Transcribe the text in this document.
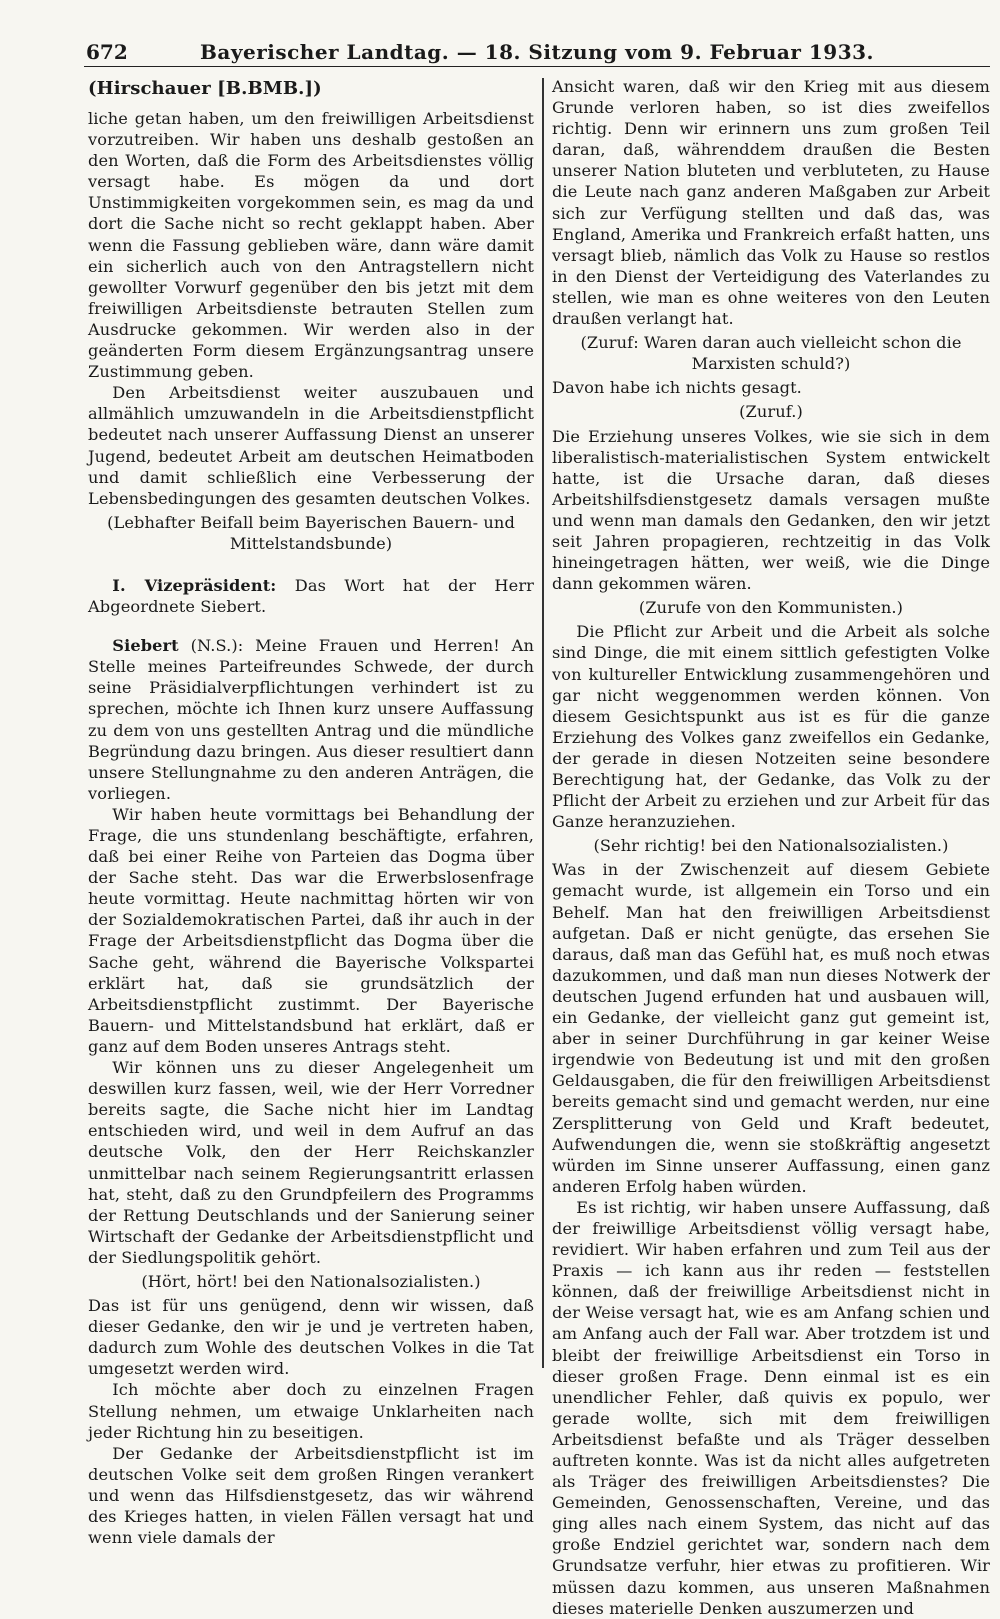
672	Bayerischer Landtag. — 18. Sitzung vom 9. Februar 1933.

(Hirschauer [B.BMB.])

liche getan haben, um den freiwilligen Arbeitsdienst vorzutreiben. Wir haben uns deshalb gestoßen an den Worten, daß die Form des Arbeitsdienstes völlig versagt habe. Es mögen da und dort Unstimmigkeiten vorgekommen sein, es mag da und dort die Sache nicht so recht geklappt haben. Aber wenn die Fassung geblieben wäre, dann wäre damit ein sicherlich auch von den Antragstellern nicht gewollter Vorwurf gegenüber den bis jetzt mit dem freiwilligen Arbeitsdienste betrauten Stellen zum Ausdrucke gekommen. Wir werden also in der geänderten Form diesem Ergänzungsantrag unsere Zustimmung geben.

Den Arbeitsdienst weiter auszubauen und allmählich umzuwandeln in die Arbeitsdienstpflicht bedeutet nach unserer Auffassung Dienst an unserer Jugend, bedeutet Arbeit am deutschen Heimatboden und damit schließlich eine Verbesserung der Lebensbedingungen des gesamten deutschen Volkes.

(Lebhafter Beifall beim Bayerischen Bauern- und Mittelstandsbunde)

I. Vizepräsident: Das Wort hat der Herr Abgeordnete Siebert.

Siebert (N.S.): Meine Frauen und Herren! An Stelle meines Parteifreundes Schwede, der durch seine Präsidialverpflichtungen verhindert ist zu sprechen, möchte ich Ihnen kurz unsere Auffassung zu dem von uns gestellten Antrag und die mündliche Begründung dazu bringen. Aus dieser resultiert dann unsere Stellungnahme zu den anderen Anträgen, die vorliegen.

Wir haben heute vormittags bei Behandlung der Frage, die uns stundenlang beschäftigte, erfahren, daß bei einer Reihe von Parteien das Dogma über der Sache steht. Das war die Erwerbslosenfrage heute vormittag. Heute nachmittag hörten wir von der Sozialdemokratischen Partei, daß ihr auch in der Frage der Arbeitsdienstpflicht das Dogma über die Sache geht, während die Bayerische Volkspartei erklärt hat, daß sie grundsätzlich der Arbeitsdienstpflicht zustimmt. Der Bayerische Bauern- und Mittelstandsbund hat erklärt, daß er ganz auf dem Boden unseres Antrags steht.

Wir können uns zu dieser Angelegenheit um deswillen kurz fassen, weil, wie der Herr Vorredner bereits sagte, die Sache nicht hier im Landtag entschieden wird, und weil in dem Aufruf an das deutsche Volk, den der Herr Reichskanzler unmittelbar nach seinem Regierungsantritt erlassen hat, steht, daß zu den Grundpfeilern des Programms der Rettung Deutschlands und der Sanierung seiner Wirtschaft der Gedanke der Arbeitsdienstpflicht und der Siedlungspolitik gehört.

(Hört, hört! bei den Nationalsozialisten.)

Das ist für uns genügend, denn wir wissen, daß dieser Gedanke, den wir je und je vertreten haben, dadurch zum Wohle des deutschen Volkes in die Tat umgesetzt werden wird.

Ich möchte aber doch zu einzelnen Fragen Stellung nehmen, um etwaige Unklarheiten nach jeder Richtung hin zu beseitigen.

Der Gedanke der Arbeitsdienstpflicht ist im deutschen Volke seit dem großen Ringen verankert und wenn das Hilfsdienstgesetz, das wir während des Krieges hatten, in vielen Fällen versagt hat und wenn viele damals der

Ansicht waren, daß wir den Krieg mit aus diesem Grunde verloren haben, so ist dies zweifellos richtig. Denn wir erinnern uns zum großen Teil daran, daß, währenddem draußen die Besten unserer Nation bluteten und verbluteten, zu Hause die Leute nach ganz anderen Maßgaben zur Arbeit sich zur Verfügung stellten und daß das, was England, Amerika und Frankreich erfaßt hatten, uns versagt blieb, nämlich das Volk zu Hause so restlos in den Dienst der Verteidigung des Vaterlandes zu stellen, wie man es ohne weiteres von den Leuten draußen verlangt hat.

(Zuruf: Waren daran auch vielleicht schon die Marxisten schuld?)

Davon habe ich nichts gesagt.

(Zuruf.)

Die Erziehung unseres Volkes, wie sie sich in dem liberalistisch-materialistischen System entwickelt hatte, ist die Ursache daran, daß dieses Arbeitshilfsdienstgesetz damals versagen mußte und wenn man damals den Gedanken, den wir jetzt seit Jahren propagieren, rechtzeitig in das Volk hineingetragen hätten, wer weiß, wie die Dinge dann gekommen wären.

(Zurufe von den Kommunisten.)

Die Pflicht zur Arbeit und die Arbeit als solche sind Dinge, die mit einem sittlich gefestigten Volke von kultureller Entwicklung zusammengehören und gar nicht weggenommen werden können. Von diesem Gesichtspunkt aus ist es für die ganze Erziehung des Volkes ganz zweifellos ein Gedanke, der gerade in diesen Notzeiten seine besondere Berechtigung hat, der Gedanke, das Volk zu der Pflicht der Arbeit zu erziehen und zur Arbeit für das Ganze heranzuziehen.

(Sehr richtig! bei den Nationalsozialisten.)

Was in der Zwischenzeit auf diesem Gebiete gemacht wurde, ist allgemein ein Torso und ein Behelf. Man hat den freiwilligen Arbeitsdienst aufgetan. Daß er nicht genügte, das ersehen Sie daraus, daß man das Gefühl hat, es muß noch etwas dazukommen, und daß man nun dieses Notwerk der deutschen Jugend erfunden hat und ausbauen will, ein Gedanke, der vielleicht ganz gut gemeint ist, aber in seiner Durchführung in gar keiner Weise irgendwie von Bedeutung ist und mit den großen Geldausgaben, die für den freiwilligen Arbeitsdienst bereits gemacht sind und gemacht werden, nur eine Zersplitterung von Geld und Kraft bedeutet, Aufwendungen die, wenn sie stoßkräftig angesetzt würden im Sinne unserer Auffassung, einen ganz anderen Erfolg haben würden.

Es ist richtig, wir haben unsere Auffassung, daß der freiwillige Arbeitsdienst völlig versagt habe, revidiert. Wir haben erfahren und zum Teil aus der Praxis — ich kann aus ihr reden — feststellen können, daß der freiwillige Arbeitsdienst nicht in der Weise versagt hat, wie es am Anfang schien und am Anfang auch der Fall war. Aber trotzdem ist und bleibt der freiwillige Arbeitsdienst ein Torso in dieser großen Frage. Denn einmal ist es ein unendlicher Fehler, daß quivis ex populo, wer gerade wollte, sich mit dem freiwilligen Arbeitsdienst befaßte und als Träger desselben auftreten konnte. Was ist da nicht alles aufgetreten als Träger des freiwilligen Arbeitsdienstes? Die Gemeinden, Genossenschaften, Vereine, und das ging alles nach einem System, das nicht auf das große Endziel gerichtet war, sondern nach dem Grundsatze verfuhr, hier etwas zu profitieren. Wir müssen dazu kommen, aus unseren Maßnahmen dieses materielle Denken auszumerzen und
